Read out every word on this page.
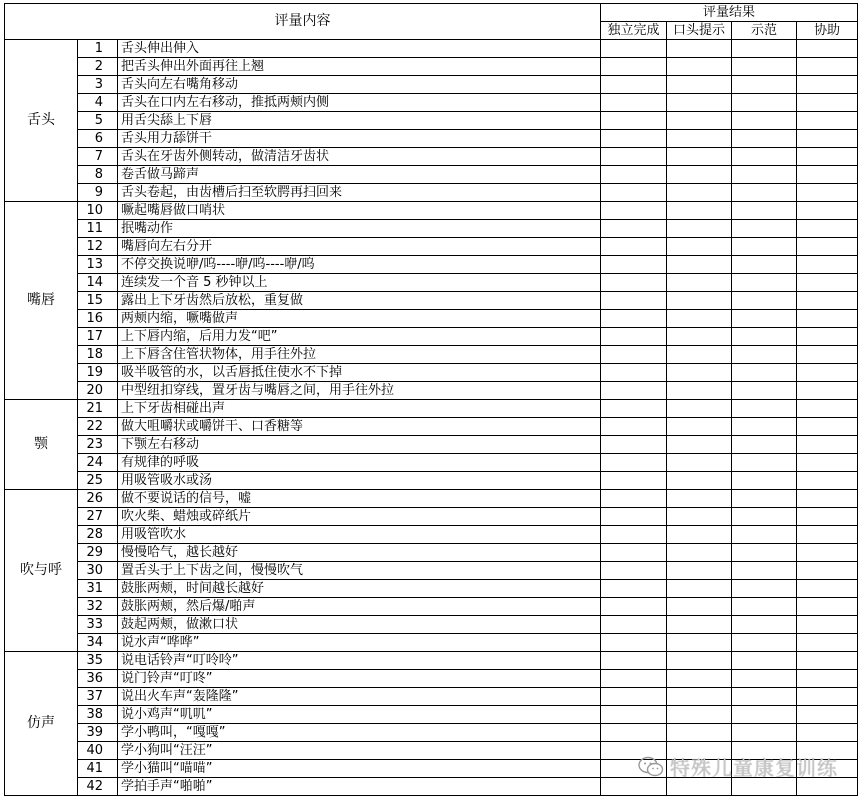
评量内容			评量结果			
			独立完成	口头提示	示范	协助
舌头	1	舌头伸出伸入				
	2	把舌头伸出外面再往上翘				
	3	舌头向左右嘴角移动				
	4	舌头在口内左右移动，推抵两颊内侧				
	5	用舌尖舔上下唇				
	6	舌头用力舔饼干				
	7	舌头在牙齿外侧转动，做清洁牙齿状				
	8	卷舌做马蹄声				
	9	舌头卷起，由齿槽后扫至软腭再扫回来				
嘴唇	10	噘起嘴唇做口哨状				
	11	抿嘴动作				
	12	嘴唇向左右分开				
	13	不停交换说咿/呜----咿/呜----咿/呜				
	14	连续发一个音 5 秒钟以上				
	15	露出上下牙齿然后放松，重复做				
	16	两颊内缩，噘嘴做声				
	17	上下唇内缩，后用力发“吧”				
	18	上下唇含住管状物体，用手往外拉				
	19	吸半吸管的水，以舌唇抵住使水不下掉				
	20	中型纽扣穿线，置牙齿与嘴唇之间，用手往外拉				
颚	21	上下牙齿相碰出声				
	22	做大咀嚼状或嚼饼干、口香糖等				
	23	下颚左右移动				
	24	有规律的呼吸				
	25	用吸管吸水或汤				
吹与呼	26	做不要说话的信号，嘘				
	27	吹火柴、蜡烛或碎纸片				
	28	用吸管吹水				
	29	慢慢哈气，越长越好				
	30	置舌头于上下齿之间，慢慢吹气				
	31	鼓胀两颊，时间越长越好				
	32	鼓胀两颊，然后爆/啪声				
	33	鼓起两颊，做漱口状				
	34	说水声“哗哗”				
仿声	35	说电话铃声“叮呤呤”				
	36	说门铃声“叮咚”				
	37	说出火车声“轰隆隆”				
	38	说小鸡声“叽叽”				
	39	学小鸭叫，“嘎嘎”				
	40	学小狗叫“汪汪”				
	41	学小猫叫“喵喵”				
	42	学拍手声“啪啪”				
特殊儿童康复训练
